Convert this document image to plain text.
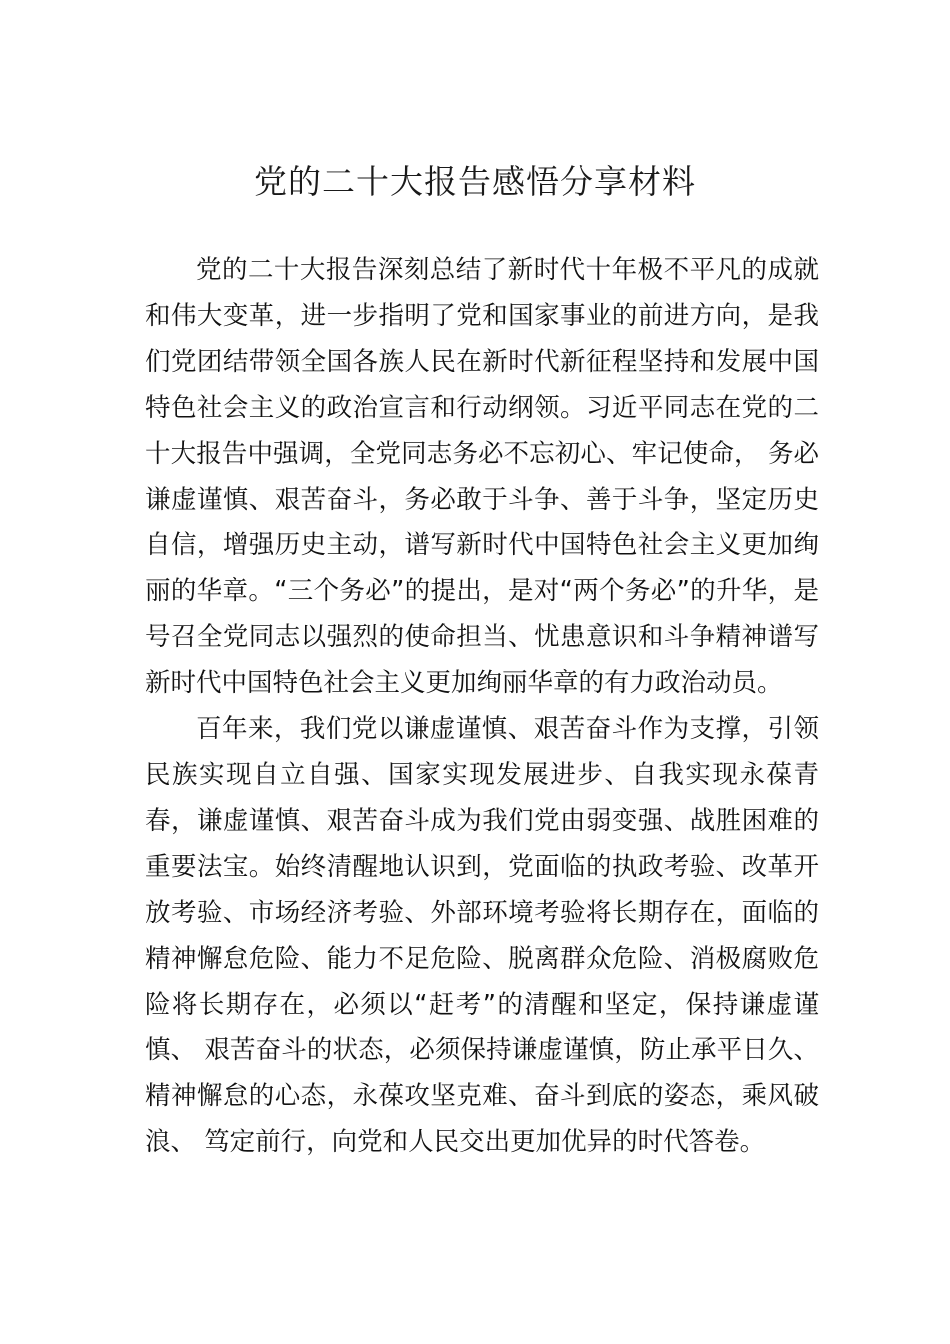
党的二十大报告感悟分享材料

党的二十大报告深刻总结了新时代十年极不平凡的成就和伟大变革，进一步指明了党和国家事业的前进方向，是我们党团结带领全国各族人民在新时代新征程坚持和发展中国特色社会主义的政治宣言和行动纲领。习近平同志在党的二十大报告中强调，全党同志务必不忘初心、牢记使命， 务必谦虚谨慎、艰苦奋斗，务必敢于斗争、善于斗争，坚定历史自信，增强历史主动，谱写新时代中国特色社会主义更加绚丽的华章。“三个务必”的提出，是对“两个务必”的升华，是号召全党同志以强烈的使命担当、忧患意识和斗争精神谱写新时代中国特色社会主义更加绚丽华章的有力政治动员。

百年来，我们党以谦虚谨慎、艰苦奋斗作为支撑，引领民族实现自立自强、国家实现发展进步、自我实现永葆青春，谦虚谨慎、艰苦奋斗成为我们党由弱变强、战胜困难的重要法宝。始终清醒地认识到，党面临的执政考验、改革开放考验、市场经济考验、外部环境考验将长期存在，面临的精神懈怠危险、能力不足危险、脱离群众危险、消极腐败危险将长期存在，必须以“赶考”的清醒和坚定，保持谦虚谨慎、 艰苦奋斗的状态，必须保持谦虚谨慎，防止承平日久、精神懈怠的心态，永葆攻坚克难、奋斗到底的姿态，乘风破浪、 笃定前行，向党和人民交出更加优异的时代答卷。
